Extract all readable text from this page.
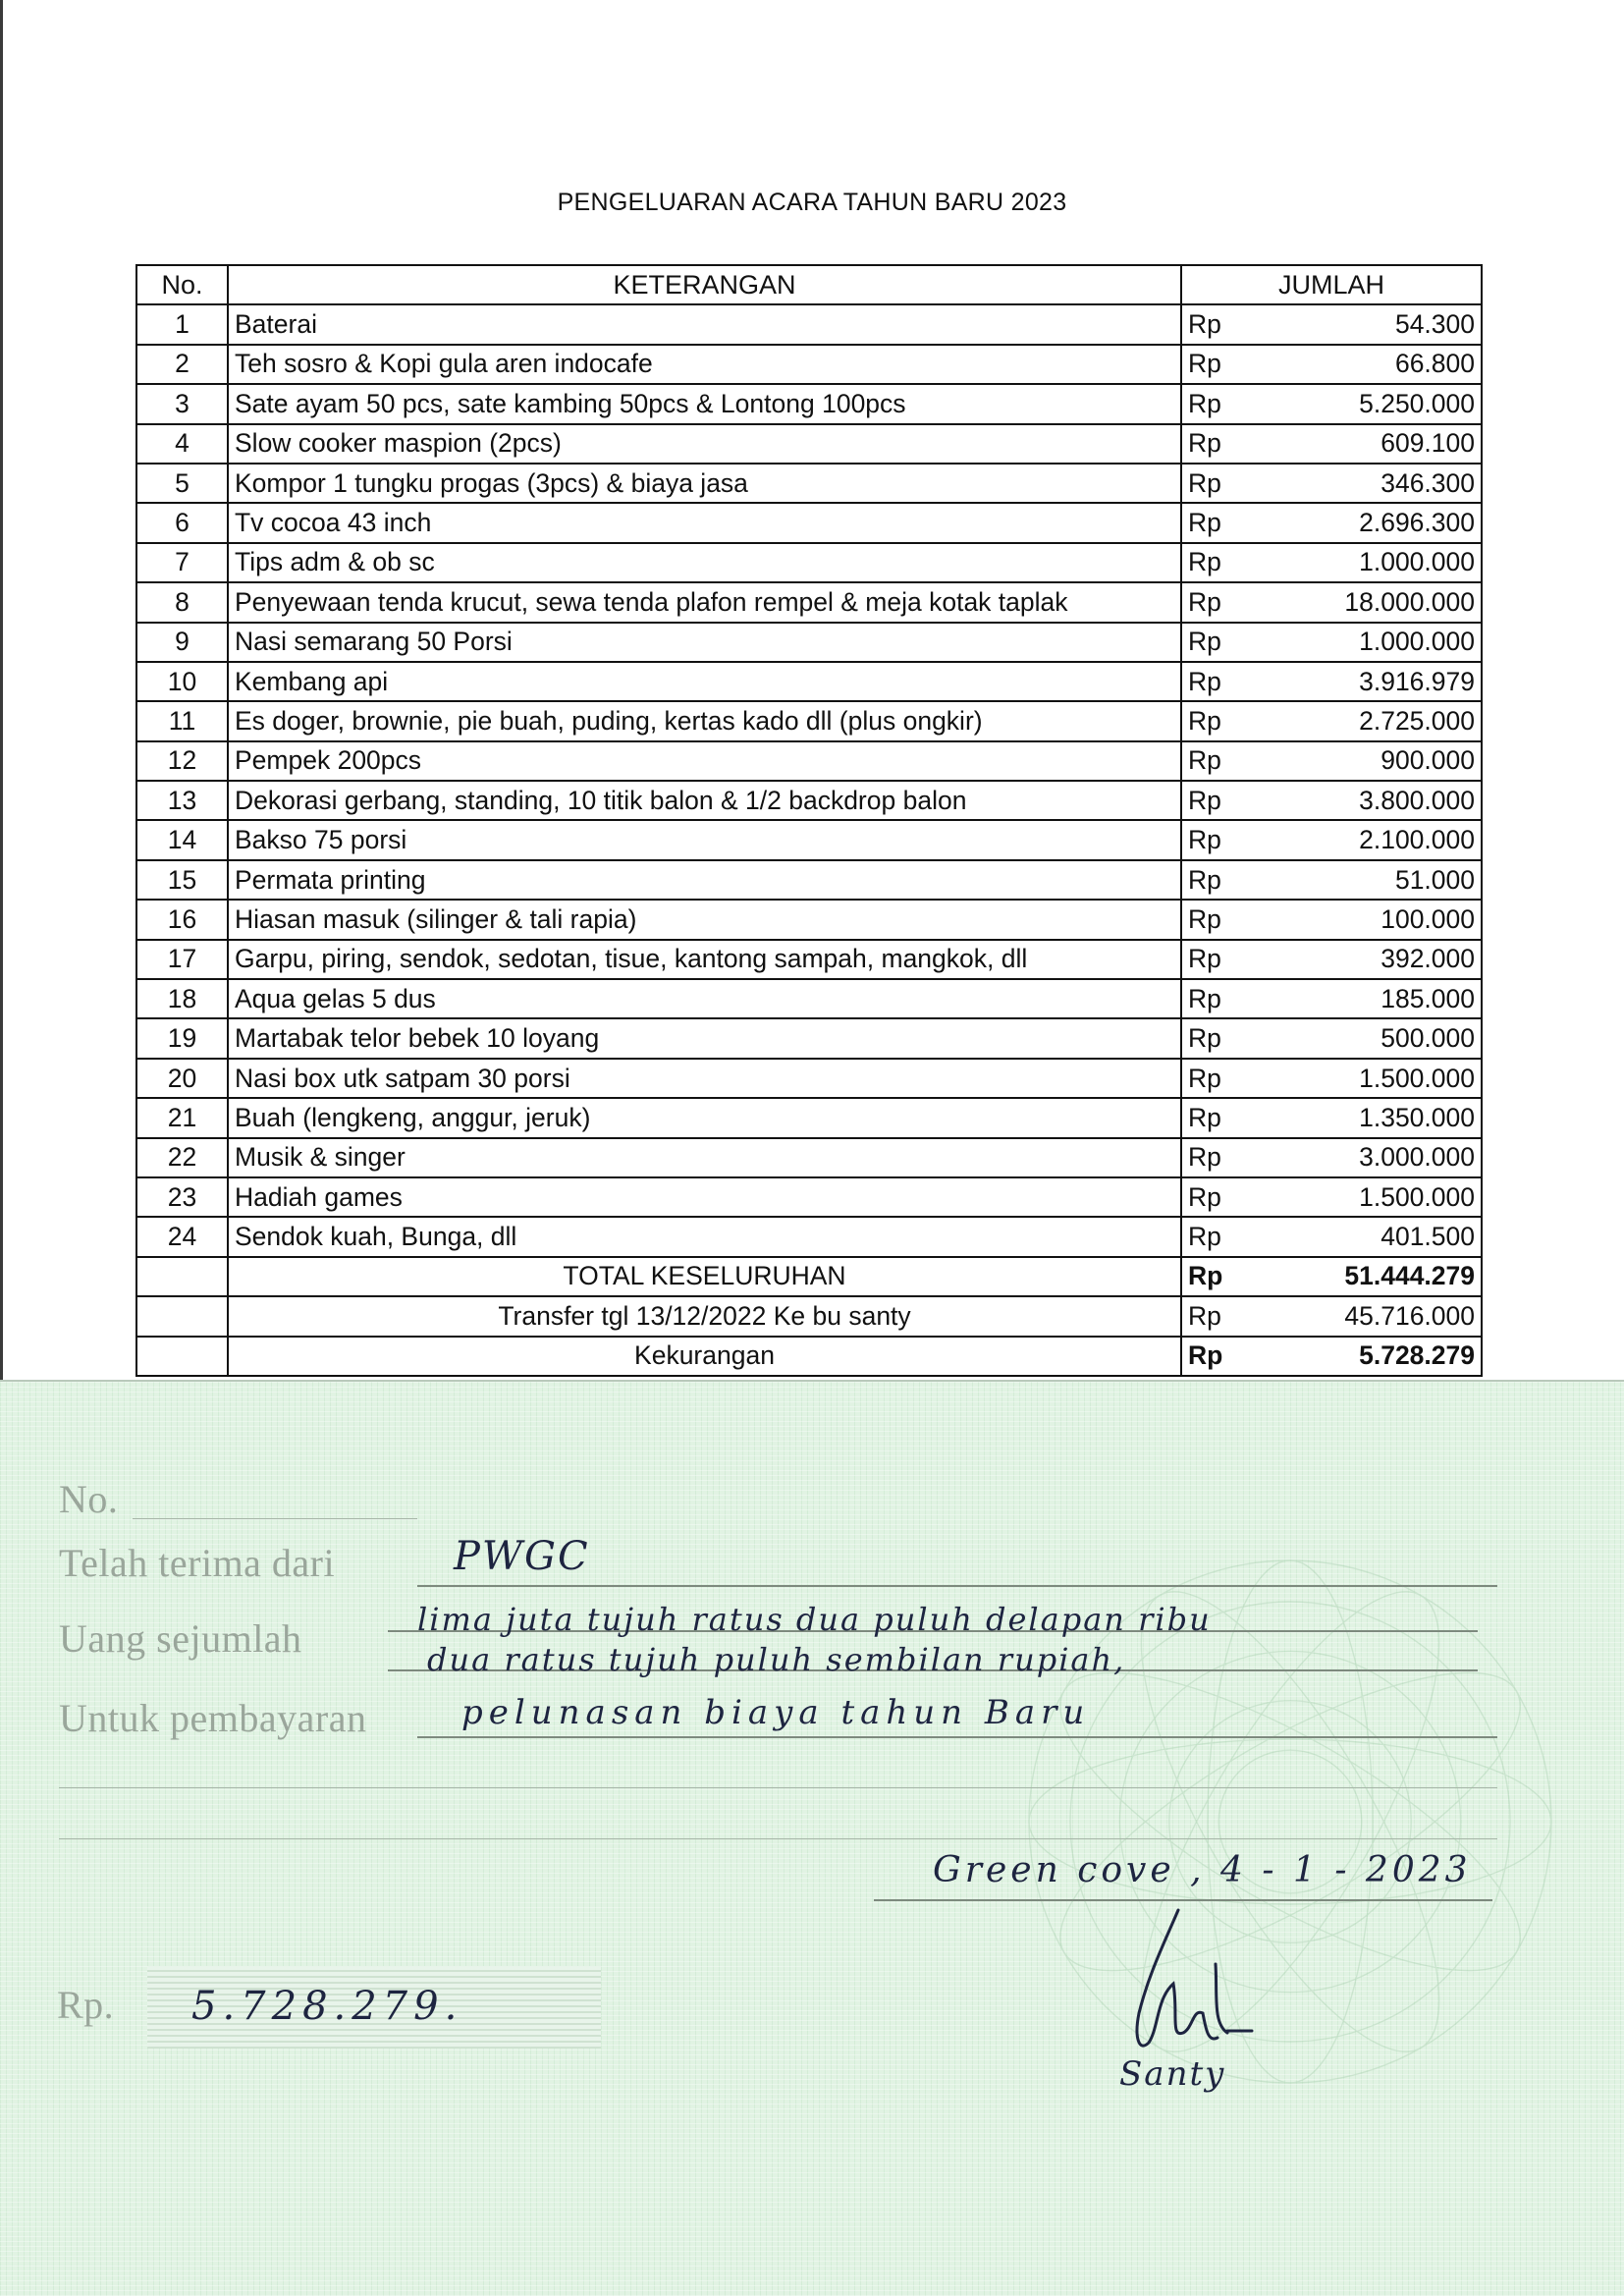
PENGELUARAN ACARA TAHUN BARU 2023
No.	KETERANGAN	JUMLAH	
1	Baterai	Rp	54.300
2	Teh sosro & Kopi gula aren indocafe	Rp	66.800
3	Sate ayam 50 pcs, sate kambing 50pcs & Lontong 100pcs	Rp	5.250.000
4	Slow cooker maspion (2pcs)	Rp	609.100
5	Kompor 1 tungku progas (3pcs) & biaya jasa	Rp	346.300
6	Tv cocoa 43 inch	Rp	2.696.300
7	Tips adm & ob sc	Rp	1.000.000
8	Penyewaan tenda krucut, sewa tenda plafon rempel & meja kotak taplak	Rp	18.000.000
9	Nasi semarang 50 Porsi	Rp	1.000.000
10	Kembang api	Rp	3.916.979
11	Es doger, brownie, pie buah, puding, kertas kado dll (plus ongkir)	Rp	2.725.000
12	Pempek 200pcs	Rp	900.000
13	Dekorasi gerbang, standing, 10 titik balon & 1/2 backdrop balon	Rp	3.800.000
14	Bakso 75 porsi	Rp	2.100.000
15	Permata printing	Rp	51.000
16	Hiasan masuk (silinger & tali rapia)	Rp	100.000
17	Garpu, piring, sendok, sedotan, tisue, kantong sampah, mangkok, dll	Rp	392.000
18	Aqua gelas 5 dus	Rp	185.000
19	Martabak telor bebek 10 loyang	Rp	500.000
20	Nasi box utk satpam 30 porsi	Rp	1.500.000
21	Buah (lengkeng, anggur, jeruk)	Rp	1.350.000
22	Musik & singer	Rp	3.000.000
23	Hadiah games	Rp	1.500.000
24	Sendok kuah, Bunga, dll	Rp	401.500
	TOTAL KESELURUHAN	Rp	51.444.279
	Transfer tgl 13/12/2022 Ke bu santy	Rp	45.716.000
	Kekurangan	Rp	5.728.279
No.
Telah terima dari	PWGC
Uang sejumlah	lima juta tujuh ratus dua puluh delapan ribu
dua ratus tujuh puluh sembilan rupiah,
Untuk pembayaran	pelunasan biaya tahun Baru
Green cove , 4 - 1 - 2023
Rp. 5.728.279.
Santy
